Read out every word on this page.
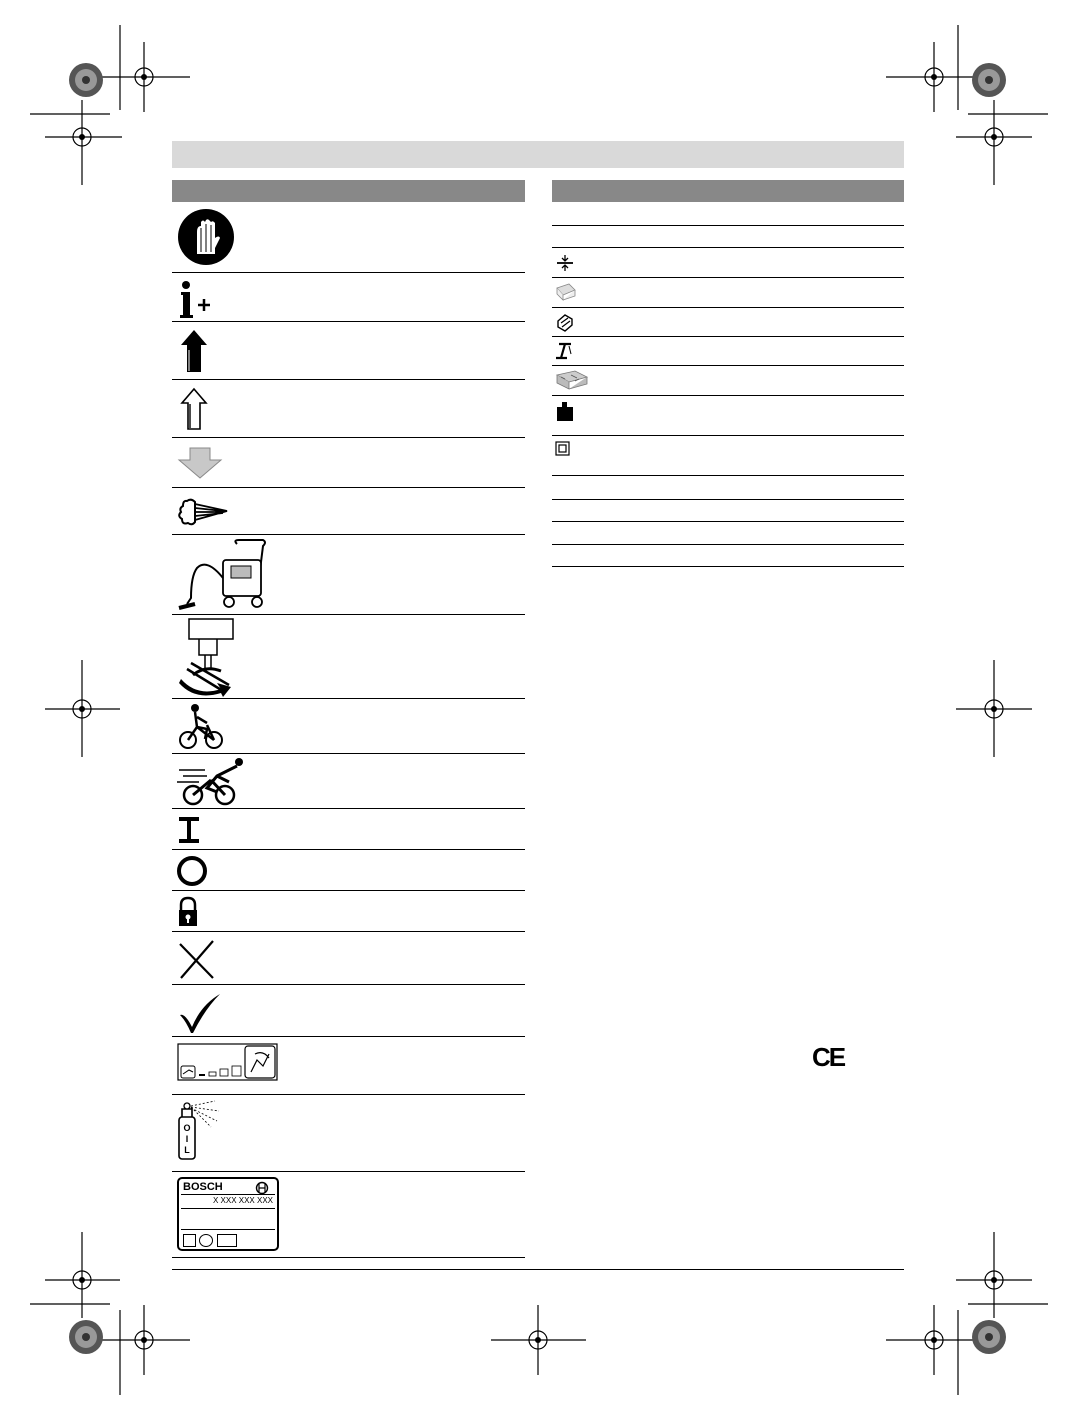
O
I
L
BOSCH
X XXX XXX XXX
CE
